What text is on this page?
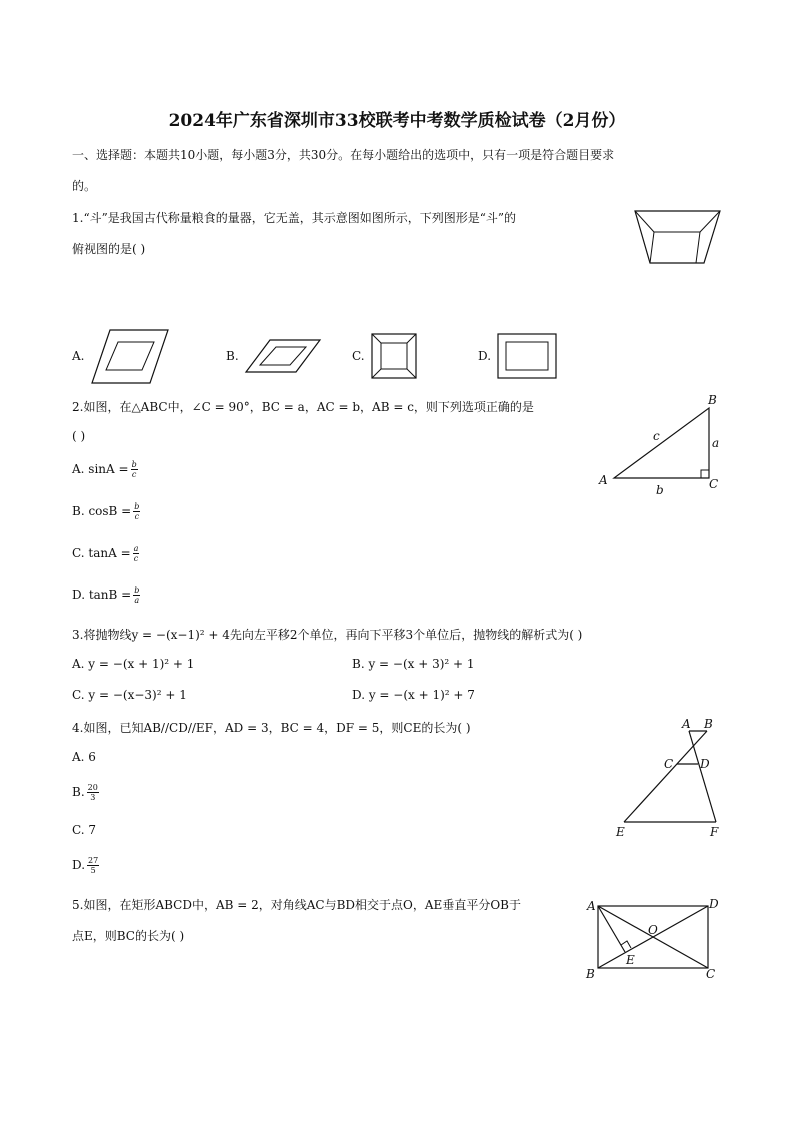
2024年广东省深圳市33校联考中考数学质检试卷（2月份）
一、选择题：本题共10小题，每小题3分，共30分。在每小题给出的选项中，只有一项是符合题目要求
的。
1.“斗”是我国古代称量粮食的量器，它无盖，其示意图如图所示，下列图形是“斗”的
俯视图的是( )
A.	B.	C.	D.
2.如图，在△ABC中，∠C = 90°，BC = a，AC = b，AB = c，则下列选项正确的是
( )
A. $\sin A = \frac{b}{c}$
B. $\cos B = \frac{b}{c}$
C. $\tan A = \frac{a}{c}$
D. $\tan B = \frac{b}{a}$
A
B
C
a
b
c
3.将抛物线y = −(x−1)² + 4先向左平移2个单位，再向下平移3个单位后，抛物线的解析式为( )
A. y = −(x + 1)² + 1	B. y = −(x + 3)² + 1
C. y = −(x−3)² + 1	D. y = −(x + 1)² + 7
4.如图，已知AB//CD//EF，AD = 3，BC = 4，DF = 5，则CE的长为( )
A. 6
B. $\frac{20}{3}$
C. 7
D. $\frac{27}{5}$
A B
C D
E	F
5.如图，在矩形ABCD中，AB = 2，对角线AC与BD相交于点O，AE垂直平分OB于
点E，则BC的长为( )
A
B	C
D
O
E
